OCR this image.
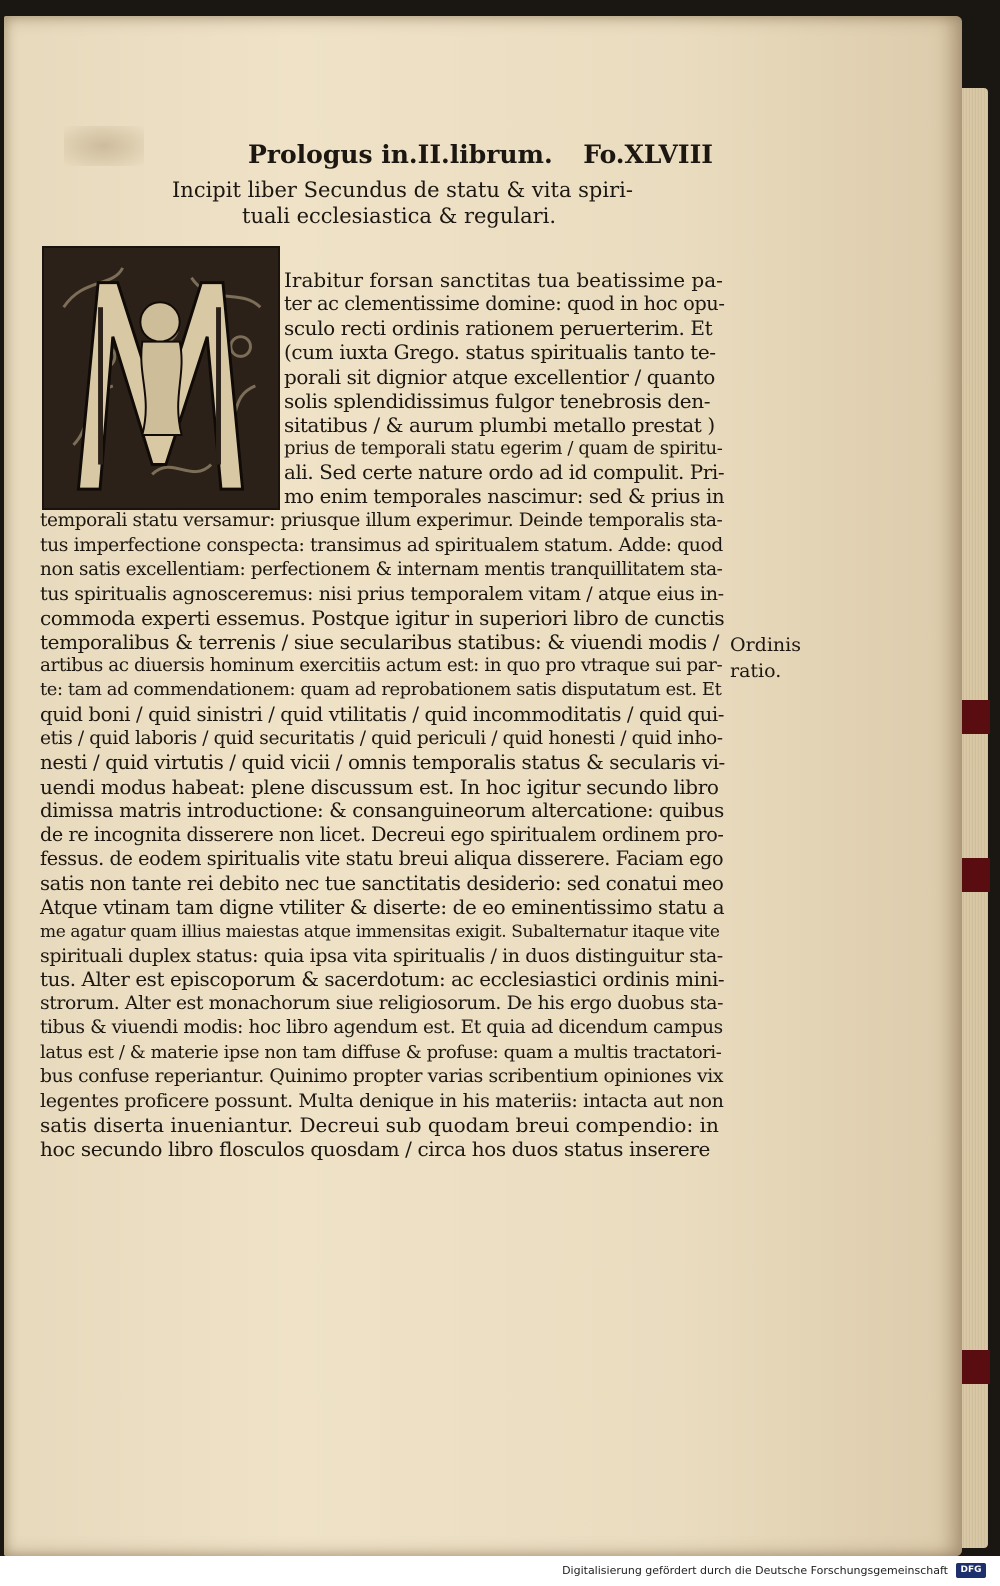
Prologus in.II.librum. Fo.XLVIII
Incipit liber Secundus de statu & vita spiri-
tuali ecclesiastica & regulari.
Irabitur forsan sanctitas tua beatissime pa-
ter ac clementissime domine: quod in hoc opu-
sculo recti ordinis rationem peruerterim. Et
(cum iuxta Grego. status spiritualis tanto te-
porali sit dignior atque excellentior / quanto
solis splendidissimus fulgor tenebrosis den-
sitatibus / & aurum plumbi metallo prestat )
prius de temporali statu egerim / quam de spiritu-
ali. Sed certe nature ordo ad id compulit. Pri-
mo enim temporales nascimur: sed & prius in
temporali statu versamur: priusque illum experimur. Deinde temporalis sta-
tus imperfectione conspecta: transimus ad spiritualem statum. Adde: quod
non satis excellentiam: perfectionem & internam mentis tranquillitatem sta-
tus spiritualis agnosceremus: nisi prius temporalem vitam / atque eius in-
commoda experti essemus. Postque igitur in superiori libro de cunctis
temporalibus & terrenis / siue secularibus statibus: & viuendi modis /
artibus ac diuersis hominum exercitiis actum est: in quo pro vtraque sui par-
te: tam ad commendationem: quam ad reprobationem satis disputatum est. Et
quid boni / quid sinistri / quid vtilitatis / quid incommoditatis / quid qui-
etis / quid laboris / quid securitatis / quid periculi / quid honesti / quid inho-
nesti / quid virtutis / quid vicii / omnis temporalis status & secularis vi-
uendi modus habeat: plene discussum est. In hoc igitur secundo libro
dimissa matris introductione: & consanguineorum altercatione: quibus
de re incognita disserere non licet. Decreui ego spiritualem ordinem pro-
fessus. de eodem spiritualis vite statu breui aliqua disserere. Faciam ego
satis non tante rei debito nec tue sanctitatis desiderio: sed conatui meo
Atque vtinam tam digne vtiliter & diserte: de eo eminentissimo statu a
me agatur quam illius maiestas atque immensitas exigit. Subalternatur itaque vite
spirituali duplex status: quia ipsa vita spiritualis / in duos distinguitur sta-
tus. Alter est episcoporum & sacerdotum: ac ecclesiastici ordinis mini-
strorum. Alter est monachorum siue religiosorum. De his ergo duobus sta-
tibus & viuendi modis: hoc libro agendum est. Et quia ad dicendum campus
latus est / & materie ipse non tam diffuse & profuse: quam a multis tractatori-
bus confuse reperiantur. Quinimo propter varias scribentium opiniones vix
legentes proficere possunt. Multa denique in his materiis: intacta aut non
satis diserta inueniantur. Decreui sub quodam breui compendio: in
hoc secundo libro flosculos quosdam / circa hos duos status inserere
Ordinis
ratio.
Digitalisierung gefördert durch die Deutsche Forschungsgemeinschaft	DFG
